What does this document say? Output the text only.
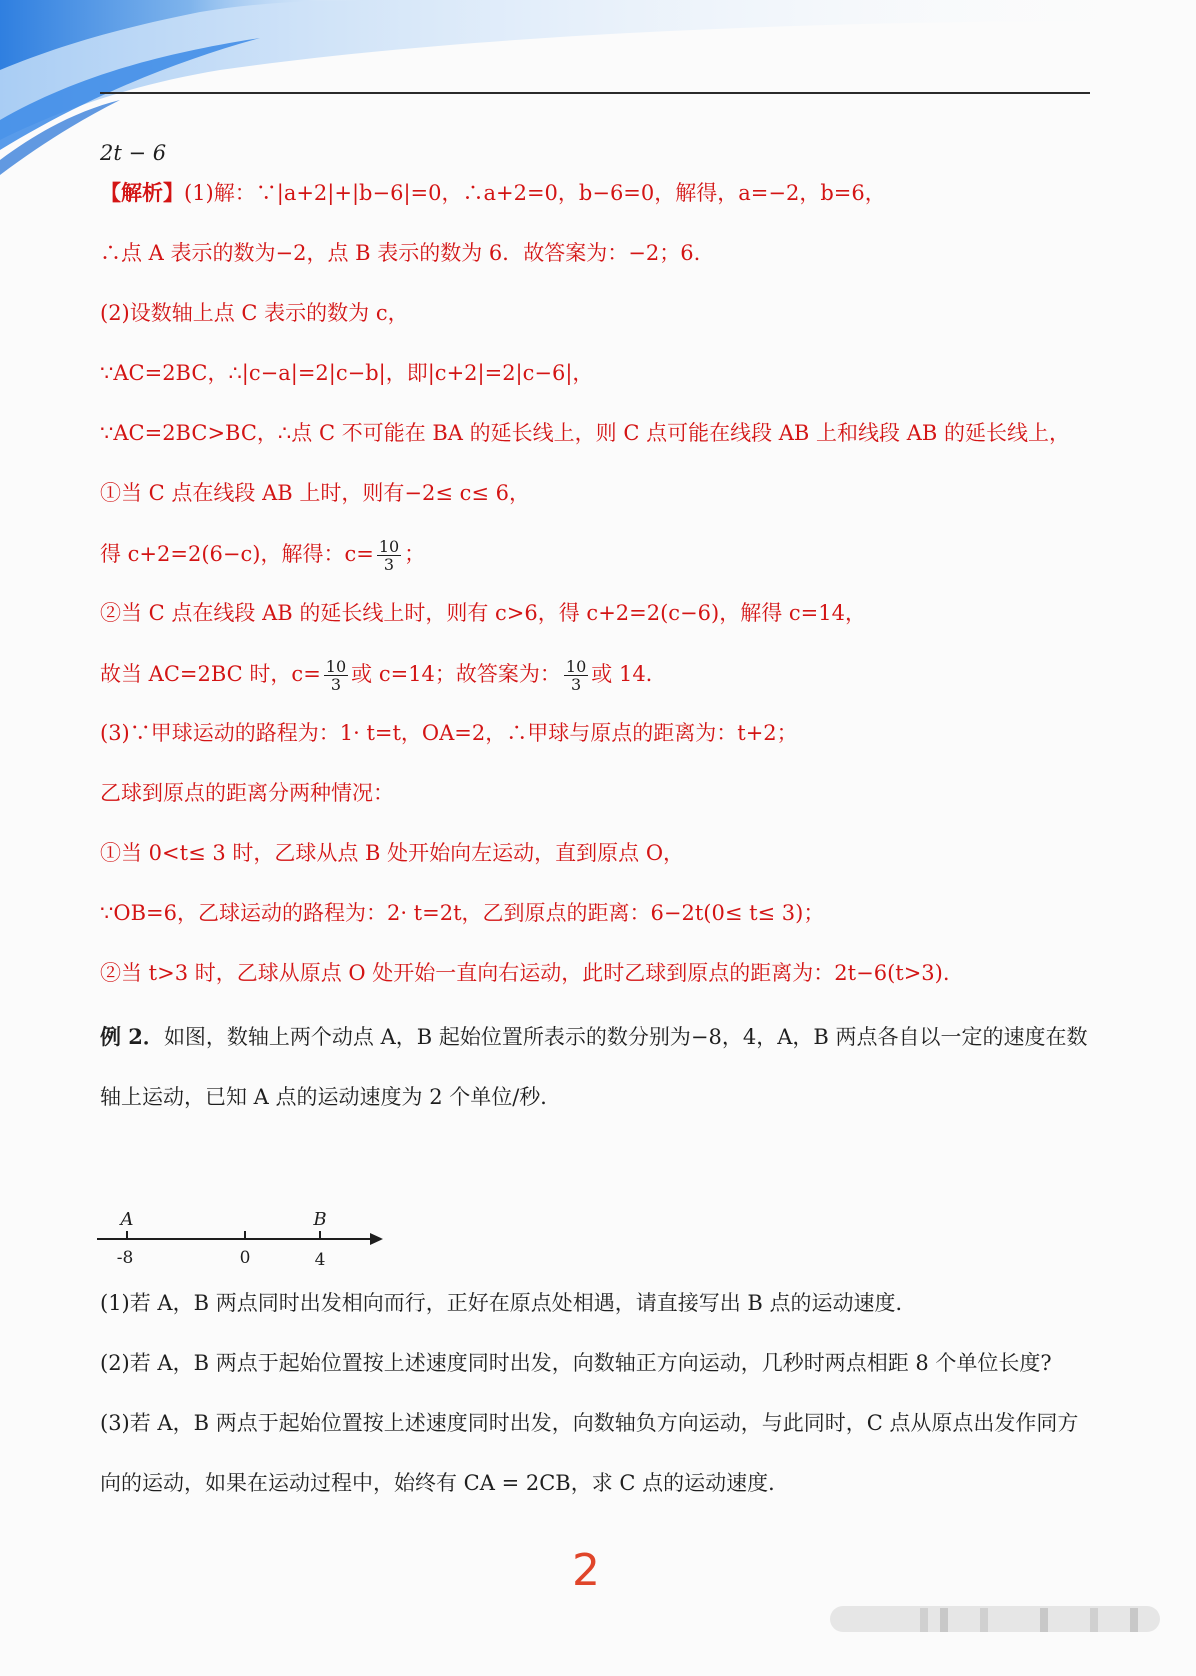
2t − 6
【解析】(1)解：∵|a+2|+|b−6|=0，∴a+2=0，b−6=0，解得，a=−2，b=6，
∴点 A 表示的数为−2，点 B 表示的数为 6．故答案为：−2；6.
(2)设数轴上点 C 表示的数为 c，
∵AC=2BC，∴|c−a|=2|c−b|，即|c+2|=2|c−6|，
∵AC=2BC>BC，∴点 C 不可能在 BA 的延长线上，则 C 点可能在线段 AB 上和线段 AB 的延长线上，
①当 C 点在线段 AB 上时，则有−2≤ c≤ 6，
得 c+2=2(6−c)，解得：$c= \frac{10}{3}$ ；
②当 C 点在线段 AB 的延长线上时，则有 c>6，得 c+2=2(c−6)，解得 c=14，
故当 AC=2BC 时，$c= \frac{10}{3}$ 或 c=14；故答案为： $\frac{10}{3}$ 或 14.
(3)∵甲球运动的路程为：1· t=t，OA=2，∴甲球与原点的距离为：t+2；
乙球到原点的距离分两种情况：
①当 0<t≤ 3 时，乙球从点 B 处开始向左运动，直到原点 O，
∵OB=6，乙球运动的路程为：2· t=2t，乙到原点的距离：6−2t(0≤ t≤ 3)；
②当 t>3 时，乙球从原点 O 处开始一直向右运动，此时乙球到原点的距离为：2t−6(t>3).
例 2．如图，数轴上两个动点 A，B 起始位置所表示的数分别为−8，4，A，B 两点各自以一定的速度在数
轴上运动，已知 A 点的运动速度为 2 个单位/秒．
A	B
-8	0	4
(1)若 A，B 两点同时出发相向而行，正好在原点处相遇，请直接写出 B 点的运动速度．
(2)若 A，B 两点于起始位置按上述速度同时出发，向数轴正方向运动，几秒时两点相距 8 个单位长度?
(3)若 A，B 两点于起始位置按上述速度同时出发，向数轴负方向运动，与此同时，C 点从原点出发作同方
向的运动，如果在运动过程中，始终有 CA = 2CB，求 C 点的运动速度．
2
